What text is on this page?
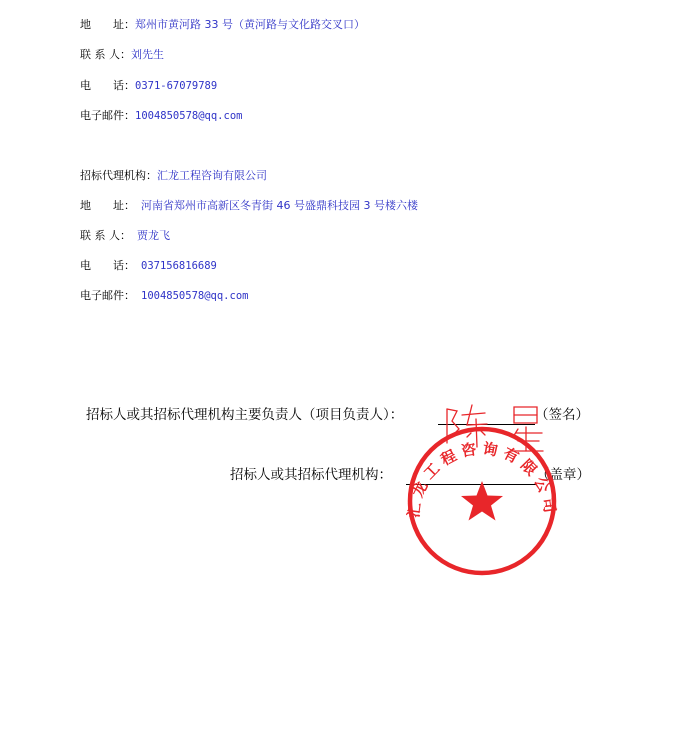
地　　址：郑州市黄河路 33 号（黄河路与文化路交叉口）
联 系 人：刘先生
电　　话：0371-67079789
电子邮件：1004850578@qq.com
招标代理机构：汇龙工程咨询有限公司
地　　址： 河南省郑州市高新区冬青街 46 号盛鼎科技园 3 号楼六楼
联 系 人： 贾龙飞
电　　话： 037156816689
电子邮件： 1004850578@qq.com
招标人或其招标代理机构主要负责人（项目负责人）：	（签名）
招标人或其招标代理机构：	（盖章）
汇龙工程咨询有限公司
